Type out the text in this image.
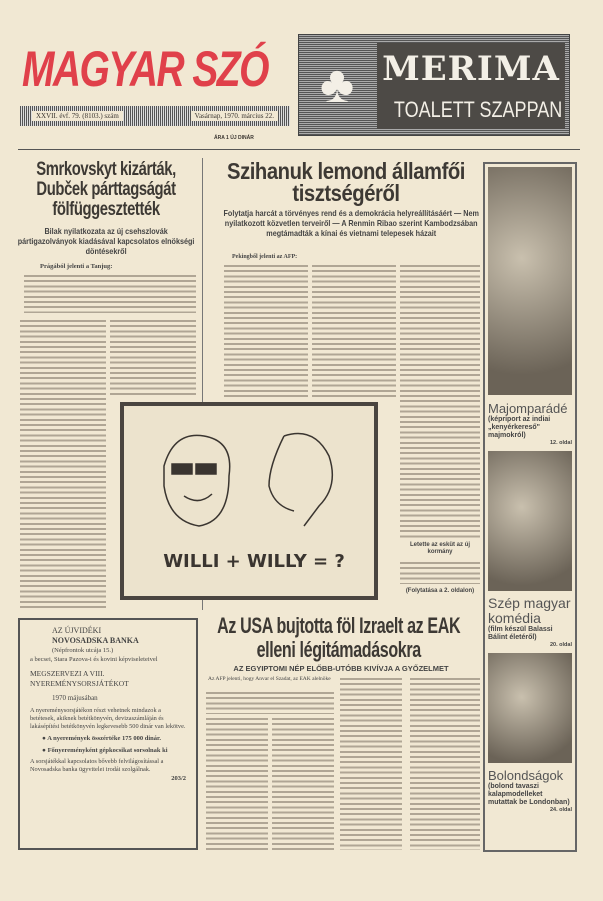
♣ MERIMA
TOALETT SZAPPAN
MAGYAR SZÓ
XXVII. évf. 79. (8103.) szám	Vasárnap, 1970. március 22.
ÁRA 1 ÚJ DINÁR
Smrkovskyt kizárták, Dubček párttagságát fölfüggesztették
Bilak nyilatkozata az új csehszlovák pártigazolványok kiadásával kapcsolatos elnökségi döntésekről
Prágából jelenti a Tanjug:
Szihanuk lemond államfői tisztségéről
Folytatja harcát a törvényes rend és a demokrácia helyreállításáért — Nem nyilatkozott közvetlen terveiről — A Renmin Ribao szerint Kambodzsában megtámadták a kínai és vietnami telepesek házait
Pekingből jelenti az AFP:
Letette az esküt az új kormány
(Folytatása a 2. oldalon)
WILLI + WILLY = ?
AZ ÚJVIDÉKI
NOVOSADSKA BANKA
(Népfrontok utcája 15.)
a becsei, Stara Pazova-i és kovini képviseleteivel
MEGSZERVEZI A VIII. NYEREMÉNYSORSJÁTÉKOT
1970 májusában
A nyereménysorsjátékon részt vehetnek mindazok a betétesek, akiknek betétkönyvén, devizaszámláján és lakásépítési betétkönyvén legkevesebb 500 dinár van lekötve.
● A nyeremények összértéke 175 000 dinár.
● Főnyereményként gépkocsikat sorsolnak ki
A sorsjátékkal kapcsolatos bővebb felvilágosítással a Novosadska banka ügyvitelei irodái szolgálnak.
203/2
Az USA bujtotta föl Izraelt az EAK elleni légitámadásokra
AZ EGYIPTOMI NÉP ELŐBB-UTÓBB KIVÍVJA A GYŐZELMET
Az AFP jelenti, hogy Anvar el Szadat, az EAK alelnöke
Majomparádé
(képriport az indiai „kenyérkereső" majmokról)
12. oldal
Szép magyar komédia
(film készül Balassi Bálint életéről)
20. oldal
Bolondságok
(bolond tavaszi kalapmodelleket mutattak be Londonban)
24. oldal
